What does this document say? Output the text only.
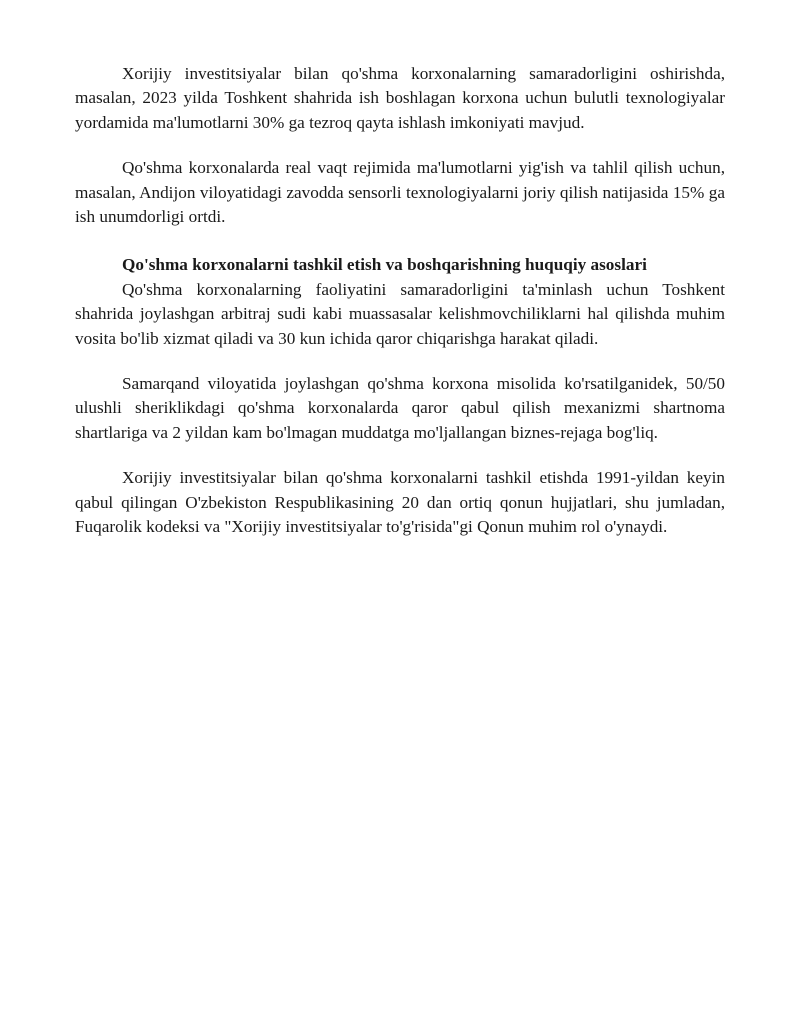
Xorijiy investitsiyalar bilan qo'shma korxonalarning samaradorligini oshirishda, masalan, 2023 yilda Toshkent shahrida ish boshlagan korxona uchun bulutli texnologiyalar yordamida ma'lumotlarni 30% ga tezroq qayta ishlash imkoniyati mavjud.

Qo'shma korxonalarda real vaqt rejimida ma'lumotlarni yig'ish va tahlil qilish uchun, masalan, Andijon viloyatidagi zavodda sensorli texnologiyalarni joriy qilish natijasida 15% ga ish unumdorligi ortdi.

Qo'shma korxonalarni tashkil etish va boshqarishning huquqiy asoslari

Qo'shma korxonalarning faoliyatini samaradorligini ta'minlash uchun Toshkent shahrida joylashgan arbitraj sudi kabi muassasalar kelishmovchiliklarni hal qilishda muhim vosita bo'lib xizmat qiladi va 30 kun ichida qaror chiqarishga harakat qiladi.

Samarqand viloyatida joylashgan qo'shma korxona misolida ko'rsatilganidek, 50/50 ulushli sheriklikdagi qo'shma korxonalarda qaror qabul qilish mexanizmi shartnoma shartlariga va 2 yildan kam bo'lmagan muddatga mo'ljallangan biznes-rejaga bog'liq.

Xorijiy investitsiyalar bilan qo'shma korxonalarni tashkil etishda 1991-yildan keyin qabul qilingan O'zbekiston Respublikasining 20 dan ortiq qonun hujjatlari, shu jumladan, Fuqarolik kodeksi va "Xorijiy investitsiyalar to'g'risida"gi Qonun muhim rol o'ynaydi.
